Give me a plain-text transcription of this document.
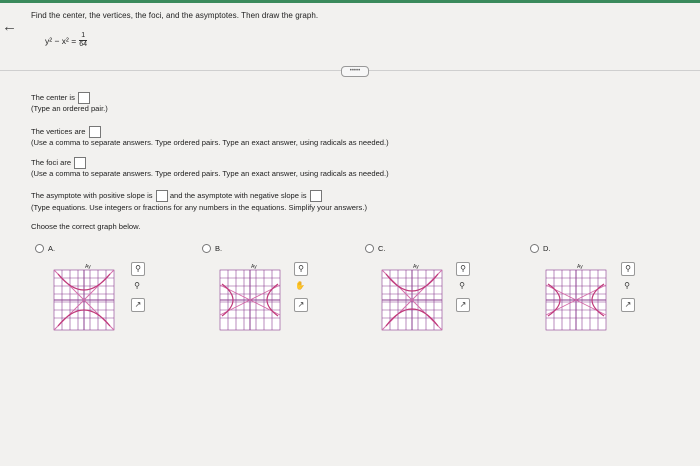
←
Find the center, the vertices, the foci, and the asymptotes. Then draw the graph.
$y^2 - x^2 = \frac{1}{64}$
•••••
The center is
(Type an ordered pair.)
The vertices are
(Use a comma to separate answers. Type ordered pairs. Type an exact answer, using radicals as needed.)
The foci are
(Use a comma to separate answers. Type ordered pairs. Type an exact answer, using radicals as needed.)
The asymptote with positive slope is and the asymptote with negative slope is
(Type equations. Use integers or fractions for any numbers in the equations. Simplify your answers.)
Choose the correct graph below.
A.	B.	C.	D.
Ay	⚲
⚲
↗
Ay	⚲
✋
↗
Ay	⚲
⚲
↗
Ay	⚲
⚲
↗
